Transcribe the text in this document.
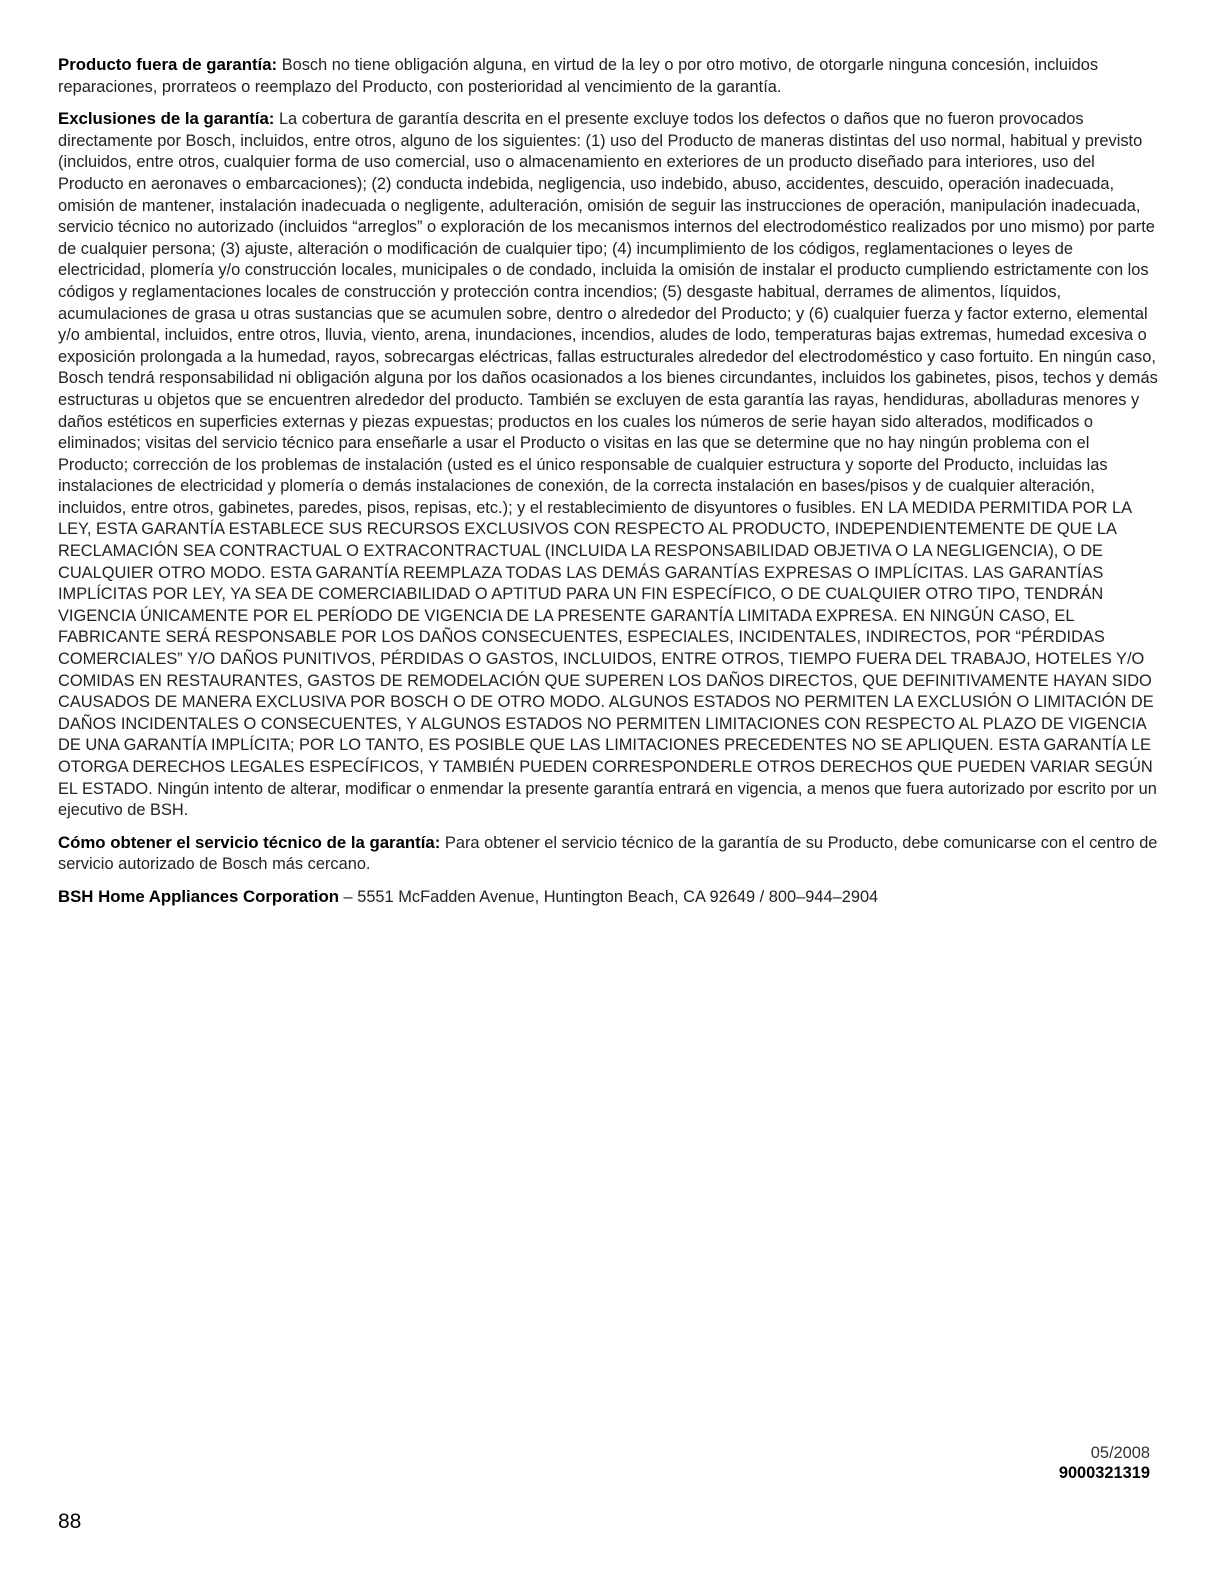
Producto fuera de garantía: Bosch no tiene obligación alguna, en virtud de la ley o por otro motivo, de otorgarle ninguna concesión, incluidos reparaciones, prorrateos o reemplazo del Producto, con posterioridad al vencimiento de la garantía.

Exclusiones de la garantía: La cobertura de garantía descrita en el presente excluye todos los defectos o daños que no fueron provocados directamente por Bosch, incluidos, entre otros, alguno de los siguientes: (1) uso del Producto de maneras distintas del uso normal, habitual y previsto (incluidos, entre otros, cualquier forma de uso comercial, uso o almacenamiento en exteriores de un producto diseñado para interiores, uso del Producto en aeronaves o embarcaciones); (2) conducta indebida, negligencia, uso indebido, abuso, accidentes, descuido, operación inadecuada, omisión de mantener, instalación inadecuada o negligente, adulteración, omisión de seguir las instrucciones de operación, manipulación inadecuada, servicio técnico no autorizado (incluidos “arreglos” o exploración de los mecanismos internos del electrodoméstico realizados por uno mismo) por parte de cualquier persona; (3) ajuste, alteración o modificación de cualquier tipo; (4) incumplimiento de los códigos, reglamentaciones o leyes de electricidad, plomería y/o construcción locales, municipales o de condado, incluida la omisión de instalar el producto cumpliendo estrictamente con los códigos y reglamentaciones locales de construcción y protección contra incendios; (5) desgaste habitual, derrames de alimentos, líquidos, acumulaciones de grasa u otras sustancias que se acumulen sobre, dentro o alrededor del Producto; y (6) cualquier fuerza y factor externo, elemental y/o ambiental, incluidos, entre otros, lluvia, viento, arena, inundaciones, incendios, aludes de lodo, temperaturas bajas extremas, humedad excesiva o exposición prolongada a la humedad, rayos, sobrecargas eléctricas, fallas estructurales alrededor del electrodoméstico y caso fortuito. En ningún caso, Bosch tendrá responsabilidad ni obligación alguna por los daños ocasionados a los bienes circundantes, incluidos los gabinetes, pisos, techos y demás estructuras u objetos que se encuentren alrededor del producto. También se excluyen de esta garantía las rayas, hendiduras, abolladuras menores y daños estéticos en superficies externas y piezas expuestas; productos en los cuales los números de serie hayan sido alterados, modificados o eliminados; visitas del servicio técnico para enseñarle a usar el Producto o visitas en las que se determine que no hay ningún problema con el Producto; corrección de los problemas de instalación (usted es el único responsable de cualquier estructura y soporte del Producto, incluidas las instalaciones de electricidad y plomería o demás instalaciones de conexión, de la correcta instalación en bases/pisos y de cualquier alteración, incluidos, entre otros, gabinetes, paredes, pisos, repisas, etc.); y el restablecimiento de disyuntores o fusibles. EN LA MEDIDA PERMITIDA POR LA LEY, ESTA GARANTÍA ESTABLECE SUS RECURSOS EXCLUSIVOS CON RESPECTO AL PRODUCTO, INDEPENDIENTEMENTE DE QUE LA RECLAMACIÓN SEA CONTRACTUAL O EXTRACONTRACTUAL (INCLUIDA LA RESPONSABILIDAD OBJETIVA O LA NEGLIGENCIA), O DE CUALQUIER OTRO MODO. ESTA GARANTÍA REEMPLAZA TODAS LAS DEMÁS GARANTÍAS EXPRESAS O IMPLÍCITAS. LAS GARANTÍAS IMPLÍCITAS POR LEY, YA SEA DE COMERCIABILIDAD O APTITUD PARA UN FIN ESPECÍFICO, O DE CUALQUIER OTRO TIPO, TENDRÁN VIGENCIA ÚNICAMENTE POR EL PERÍODO DE VIGENCIA DE LA PRESENTE GARANTÍA LIMITADA EXPRESA. EN NINGÚN CASO, EL FABRICANTE SERÁ RESPONSABLE POR LOS DAÑOS CONSECUENTES, ESPECIALES, INCIDENTALES, INDIRECTOS, POR “PÉRDIDAS COMERCIALES” Y/O DAÑOS PUNITIVOS, PÉRDIDAS O GASTOS, INCLUIDOS, ENTRE OTROS, TIEMPO FUERA DEL TRABAJO, HOTELES Y/O COMIDAS EN RESTAURANTES, GASTOS DE REMODELACIÓN QUE SUPEREN LOS DAÑOS DIRECTOS, QUE DEFINITIVAMENTE HAYAN SIDO CAUSADOS DE MANERA EXCLUSIVA POR BOSCH O DE OTRO MODO. ALGUNOS ESTADOS NO PERMITEN LA EXCLUSIÓN O LIMITACIÓN DE DAÑOS INCIDENTALES O CONSECUENTES, Y ALGUNOS ESTADOS NO PERMITEN LIMITACIONES CON RESPECTO AL PLAZO DE VIGENCIA DE UNA GARANTÍA IMPLÍCITA; POR LO TANTO, ES POSIBLE QUE LAS LIMITACIONES PRECEDENTES NO SE APLIQUEN. ESTA GARANTÍA LE OTORGA DERECHOS LEGALES ESPECÍFICOS, Y TAMBIÉN PUEDEN CORRESPONDERLE OTROS DERECHOS QUE PUEDEN VARIAR SEGÚN EL ESTADO. Ningún intento de alterar, modificar o enmendar la presente garantía entrará en vigencia, a menos que fuera autorizado por escrito por un ejecutivo de BSH.

Cómo obtener el servicio técnico de la garantía: Para obtener el servicio técnico de la garantía de su Producto, debe comunicarse con el centro de servicio autorizado de Bosch más cercano.

BSH Home Appliances Corporation – 5551 McFadden Avenue, Huntington Beach, CA 92649 / 800–944–2904

05/2008
9000321319
88
